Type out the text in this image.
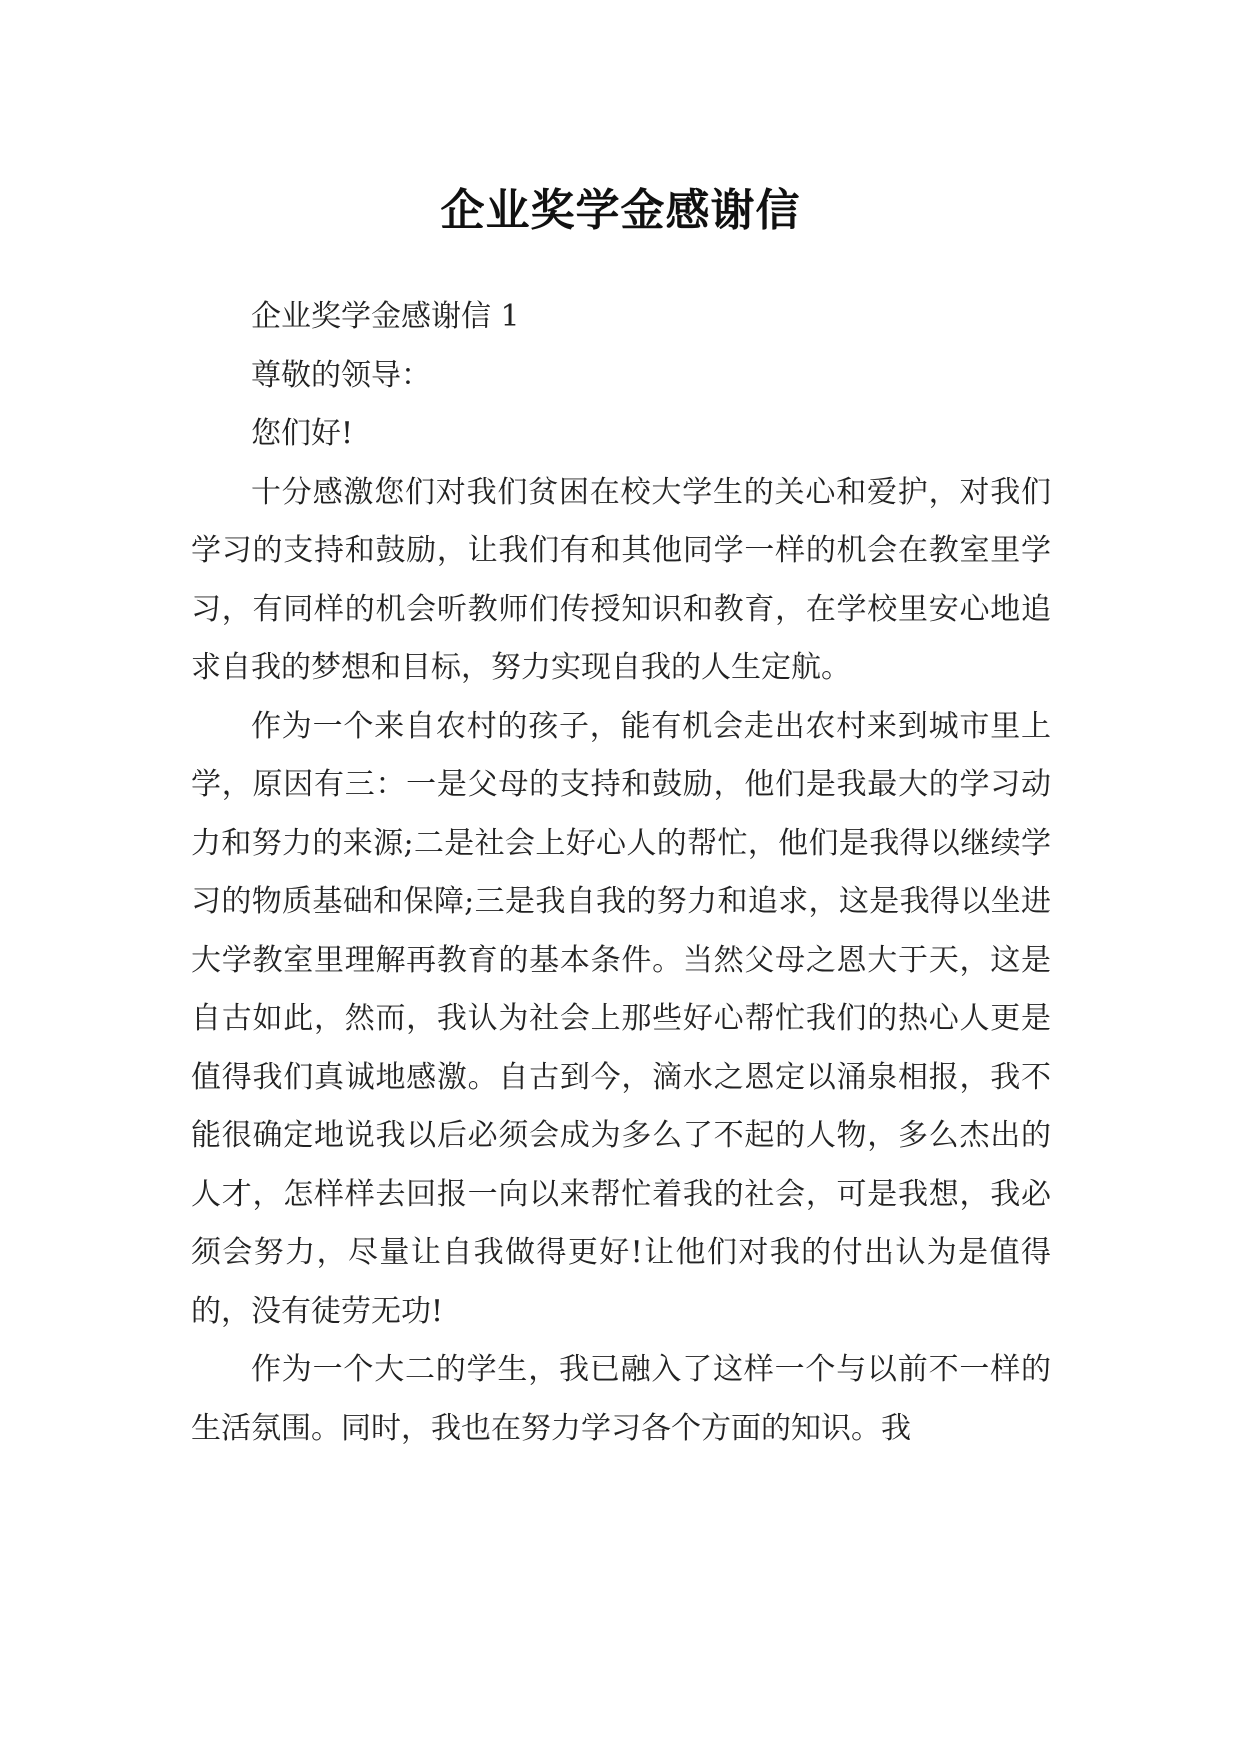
企业奖学金感谢信

企业奖学金感谢信 1

尊敬的领导：

您们好!

十分感激您们对我们贫困在校大学生的关心和爱护，对我们学习的支持和鼓励，让我们有和其他同学一样的机会在教室里学习，有同样的机会听教师们传授知识和教育，在学校里安心地追求自我的梦想和目标，努力实现自我的人生定航。

作为一个来自农村的孩子，能有机会走出农村来到城市里上学，原因有三：一是父母的支持和鼓励，他们是我最大的学习动力和努力的来源;二是社会上好心人的帮忙，他们是我得以继续学习的物质基础和保障;三是我自我的努力和追求，这是我得以坐进大学教室里理解再教育的基本条件。当然父母之恩大于天，这是自古如此，然而，我认为社会上那些好心帮忙我们的热心人更是值得我们真诚地感激。自古到今，滴水之恩定以涌泉相报，我不能很确定地说我以后必须会成为多么了不起的人物，多么杰出的人才，怎样样去回报一向以来帮忙着我的社会，可是我想，我必须会努力，尽量让自我做得更好!让他们对我的付出认为是值得的，没有徒劳无功!

作为一个大二的学生，我已融入了这样一个与以前不一样的生活氛围。同时，我也在努力学习各个方面的知识。我
